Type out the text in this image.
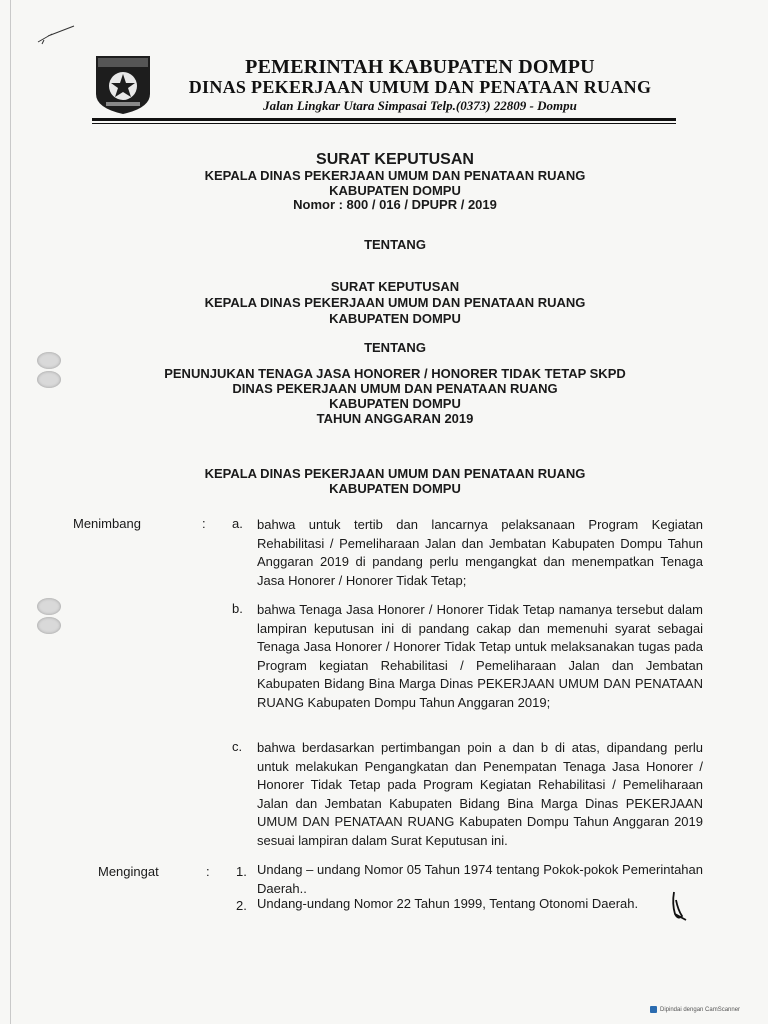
PEMERINTAH KABUPATEN DOMPU
DINAS PEKERJAAN UMUM DAN PENATAAN RUANG
Jalan Lingkar Utara Simpasai Telp.(0373) 22809 - Dompu
SURAT KEPUTUSAN
KEPALA DINAS PEKERJAAN UMUM DAN PENATAAN RUANG
KABUPATEN DOMPU
Nomor : 800 / 016 / DPUPR / 2019
TENTANG
SURAT KEPUTUSAN
KEPALA DINAS PEKERJAAN UMUM DAN PENATAAN RUANG
KABUPATEN DOMPU
TENTANG
PENUNJUKAN TENAGA JASA HONORER / HONORER TIDAK TETAP SKPD
DINAS PEKERJAAN UMUM DAN PENATAAN RUANG
KABUPATEN DOMPU
TAHUN ANGGARAN 2019
KEPALA DINAS PEKERJAAN UMUM DAN PENATAAN RUANG
KABUPATEN DOMPU
Menimbang	: a. bahwa untuk tertib dan lancarnya pelaksanaan Program Kegiatan Rehabilitasi / Pemeliharaan Jalan dan Jembatan Kabupaten Dompu Tahun Anggaran 2019 di pandang perlu mengangkat dan menempatkan Tenaga Jasa Honorer / Honorer Tidak Tetap;
b. bahwa Tenaga Jasa Honorer / Honorer Tidak Tetap namanya tersebut dalam lampiran keputusan ini di pandang cakap dan memenuhi syarat sebagai Tenaga Jasa Honorer / Honorer Tidak Tetap untuk melaksanakan tugas pada Program kegiatan Rehabilitasi / Pemeliharaan Jalan dan Jembatan Kabupaten Bidang Bina Marga Dinas PEKERJAAN UMUM DAN PENATAAN RUANG Kabupaten Dompu Tahun Anggaran 2019;
c. bahwa berdasarkan pertimbangan poin a dan b di atas, dipandang perlu untuk melakukan Pengangkatan dan Penempatan Tenaga Jasa Honorer / Honorer Tidak Tetap pada Program Kegiatan Rehabilitasi / Pemeliharaan Jalan dan Jembatan Kabupaten Bidang Bina Marga Dinas PEKERJAAN UMUM DAN PENATAAN RUANG Kabupaten Dompu Tahun Anggaran 2019 sesuai lampiran dalam Surat Keputusan ini.
Mengingat	: 1. Undang – undang Nomor 05 Tahun 1974 tentang Pokok-pokok Pemerintahan Daerah..
2. Undang-undang Nomor 22 Tahun 1999, Tentang Otonomi Daerah.
Dipindai dengan CamScanner
